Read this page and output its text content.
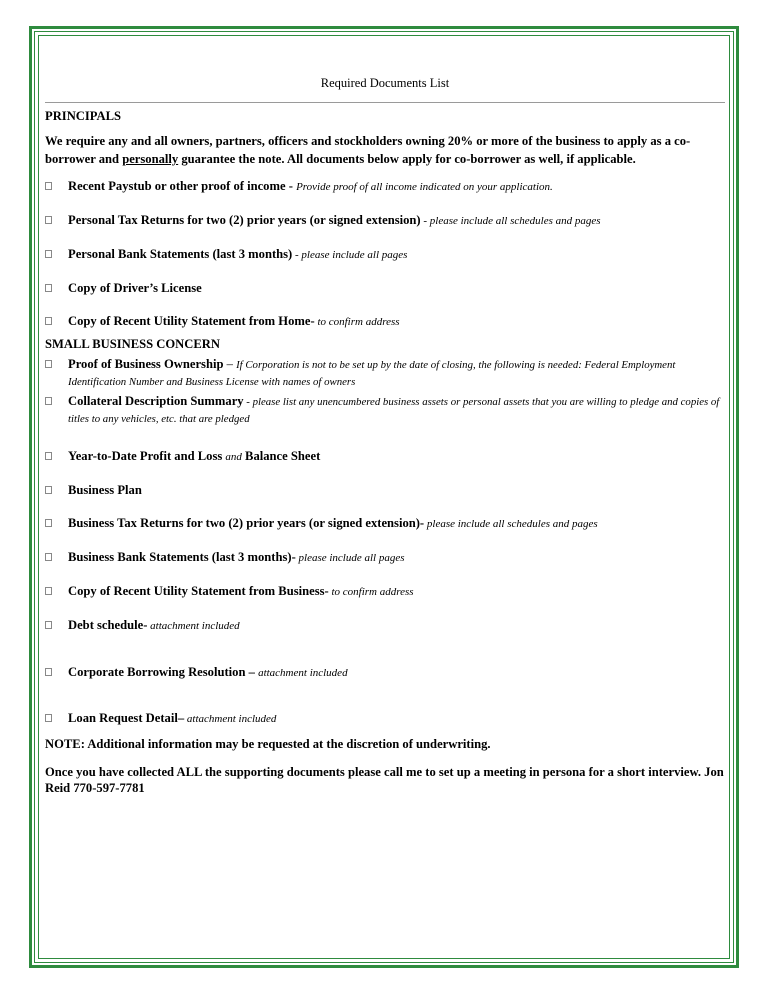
Required Documents List

PRINCIPALS

We require any and all owners, partners, officers and stockholders owning 20% or more of the business to apply as a co-borrower and personally guarantee the note. All documents below apply for co-borrower as well, if applicable.

Recent Paystub or other proof of income - Provide proof of all income indicated on your application.
Personal Tax Returns for two (2) prior years (or signed extension) - please include all schedules and pages
Personal Bank Statements (last 3 months) - please include all pages
Copy of Driver’s License
Copy of Recent Utility Statement from Home- to confirm address

SMALL BUSINESS CONCERN

Proof of Business Ownership – If Corporation is not to be set up by the date of closing, the following is needed: Federal Employment Identification Number and Business License with names of owners
Collateral Description Summary - please list any unencumbered business assets or personal assets that you are willing to pledge and copies of titles to any vehicles, etc. that are pledged
Year-to-Date Profit and Loss and Balance Sheet
Business Plan
Business Tax Returns for two (2) prior years (or signed extension)- please include all schedules and pages
Business Bank Statements (last 3 months)- please include all pages
Copy of Recent Utility Statement from Business- to confirm address
Debt schedule- attachment included
Corporate Borrowing Resolution – attachment included
Loan Request Detail– attachment included

NOTE: Additional information may be requested at the discretion of underwriting.

Once you have collected ALL the supporting documents please call me to set up a meeting in persona for a short interview. Jon Reid 770-597-7781
